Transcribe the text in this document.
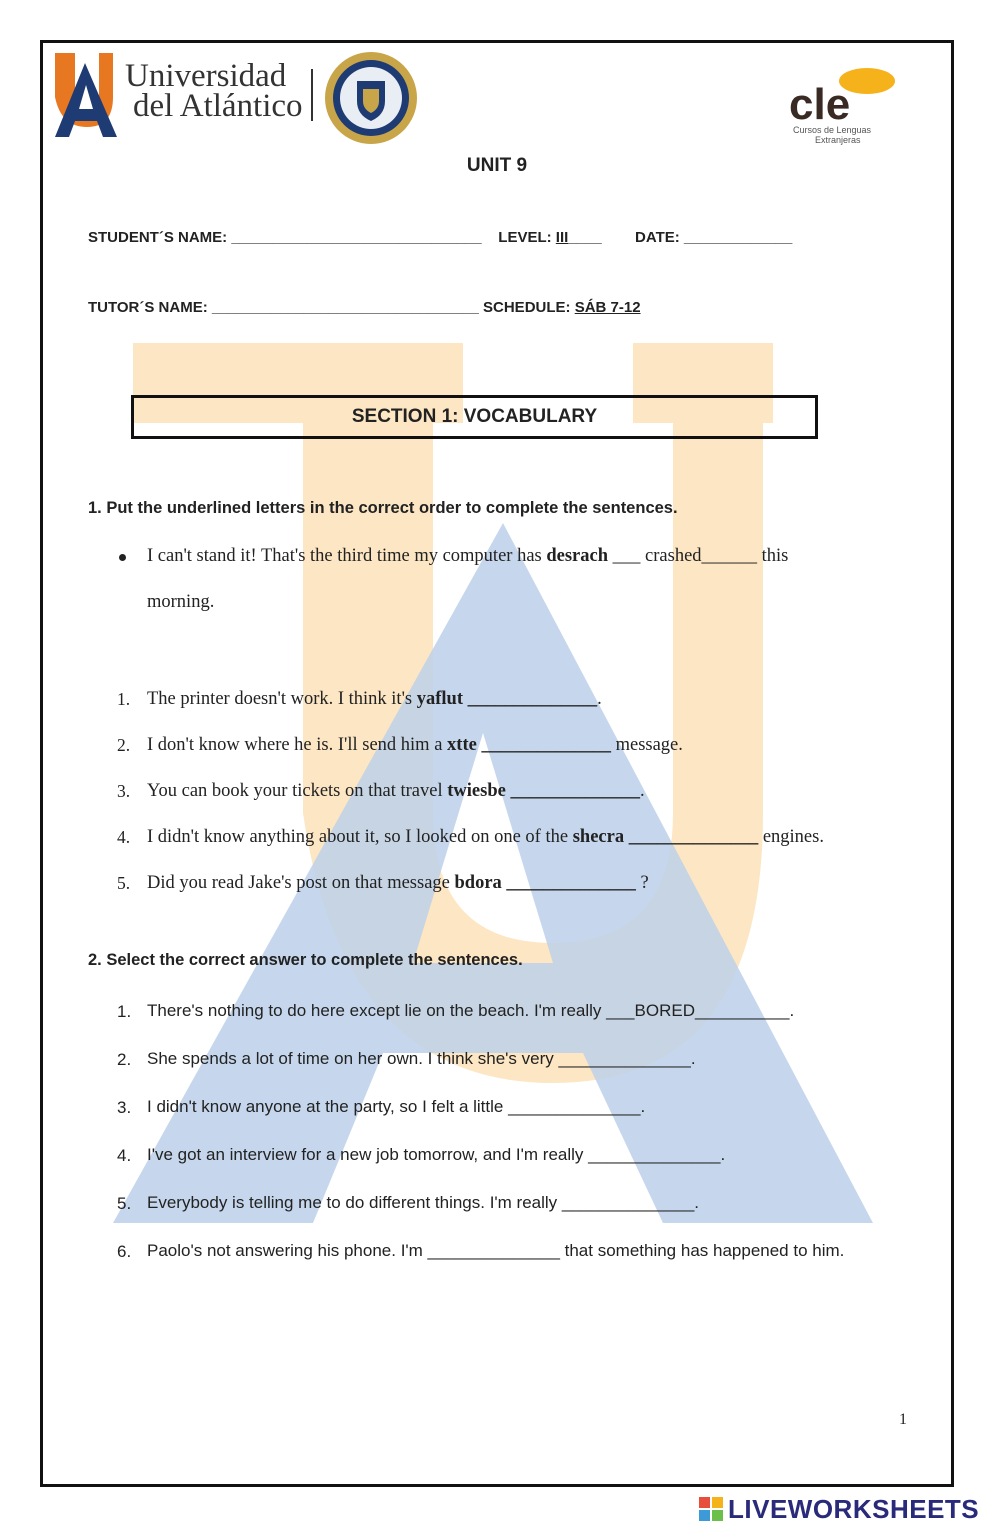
Universidad
del Atlántico	cle
Cursos de Lenguas
Extranjeras
UNIT 9
STUDENT´S NAME: ______________________________ LEVEL: III____ DATE: _____________
TUTOR´S NAME: ________________________________ SCHEDULE: SÁB 7-12
SECTION 1: VOCABULARY
1. Put the underlined letters in the correct order to complete the sentences.
I can't stand it! That's the third time my computer has desrach ___ crashed______ this
morning.
1. The printer doesn't work. I think it's yaflut ______________.
2. I don't know where he is. I'll send him a xtte ______________ message.
3. You can book your tickets on that travel twiesbe ______________.
4. I didn't know anything about it, so I looked on one of the shecra ______________ engines.
5. Did you read Jake's post on that message bdora ______________ ?
2. Select the correct answer to complete the sentences.
1. There's nothing to do here except lie on the beach. I'm really ___BORED__________.
2. She spends a lot of time on her own. I think she's very ______________.
3. I didn't know anyone at the party, so I felt a little ______________.
4. I've got an interview for a new job tomorrow, and I'm really ______________.
5. Everybody is telling me to do different things. I'm really ______________.
6. Paolo's not answering his phone. I'm ______________ that something has happened to him.
1
LIVEWORKSHEETS
